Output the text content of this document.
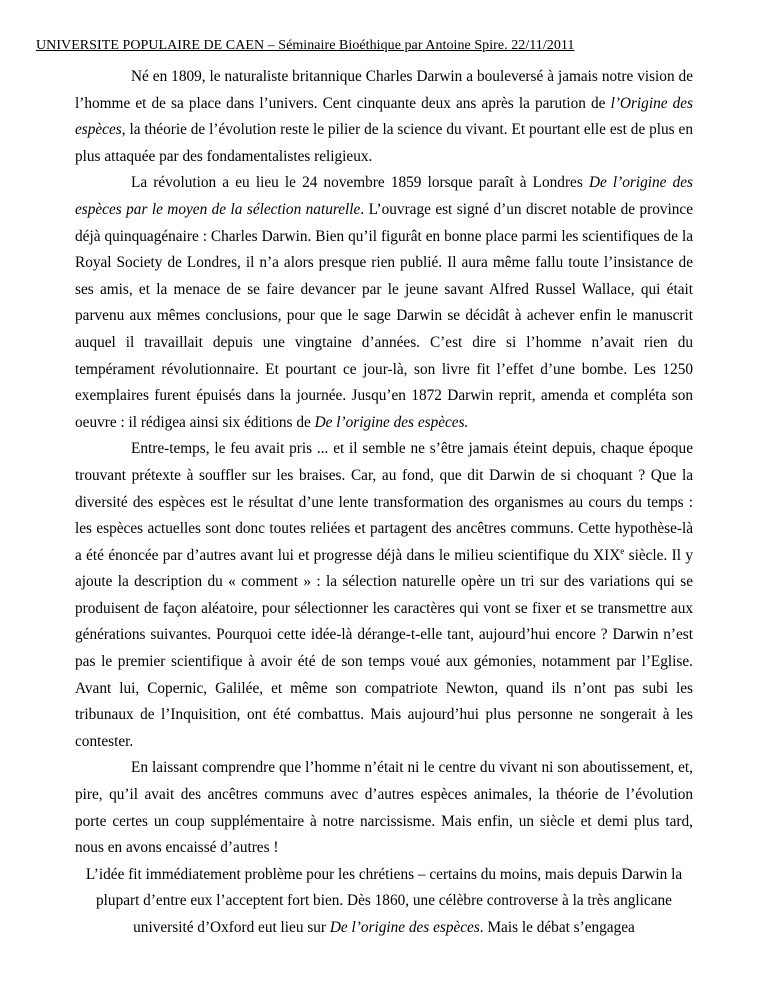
UNIVERSITE POPULAIRE DE CAEN – Séminaire Bioéthique par Antoine Spire. 22/11/2011

Né en 1809, le naturaliste britannique Charles Darwin a bouleversé à jamais notre vision de l’homme et de sa place dans l’univers. Cent cinquante deux ans après la parution de l’Origine des espèces, la théorie de l’évolution reste le pilier de la science du vivant. Et pourtant elle est de plus en plus attaquée par des fondamentalistes religieux.

La révolution a eu lieu le 24 novembre 1859 lorsque paraît à Londres De l’origine des espèces par le moyen de la sélection naturelle. L’ouvrage est signé d’un discret notable de province déjà quinquagénaire : Charles Darwin. Bien qu’il figurât en bonne place parmi les scientifiques de la Royal Society de Londres, il n’a alors presque rien publié. Il aura même fallu toute l’insistance de ses amis, et la menace de se faire devancer par le jeune savant Alfred Russel Wallace, qui était parvenu aux mêmes conclusions, pour que le sage Darwin se décidât à achever enfin le manuscrit auquel il travaillait depuis une vingtaine d’années. C’est dire si l’homme n’avait rien du tempérament révolutionnaire. Et pourtant ce jour-là, son livre fit l’effet d’une bombe. Les 1250 exemplaires furent épuisés dans la journée. Jusqu’en 1872 Darwin reprit, amenda et compléta son oeuvre : il rédigea ainsi six éditions de De l’origine des espèces.

Entre-temps, le feu avait pris ... et il semble ne s’être jamais éteint depuis, chaque époque trouvant prétexte à souffler sur les braises. Car, au fond, que dit Darwin de si choquant ? Que la diversité des espèces est le résultat d’une lente transformation des organismes au cours du temps : les espèces actuelles sont donc toutes reliées et partagent des ancêtres communs. Cette hypothèse-là a été énoncée par d’autres avant lui et progresse déjà dans le milieu scientifique du XIXe siècle. Il y ajoute la description du « comment » : la sélection naturelle opère un tri sur des variations qui se produisent de façon aléatoire, pour sélectionner les caractères qui vont se fixer et se transmettre aux générations suivantes. Pourquoi cette idée-là dérange-t-elle tant, aujourd’hui encore ? Darwin n’est pas le premier scientifique à avoir été de son temps voué aux gémonies, notamment par l’Eglise. Avant lui, Copernic, Galilée, et même son compatriote Newton, quand ils n’ont pas subi les tribunaux de l’Inquisition, ont été combattus. Mais aujourd’hui plus personne ne songerait à les contester.

En laissant comprendre que l’homme n’était ni le centre du vivant ni son aboutissement, et, pire, qu’il avait des ancêtres communs avec d’autres espèces animales, la théorie de l’évolution porte certes un coup supplémentaire à notre narcissisme. Mais enfin, un siècle et demi plus tard, nous en avons encaissé d’autres !

L’idée fit immédiatement problème pour les chrétiens – certains du moins, mais depuis Darwin la plupart d’entre eux l’acceptent fort bien. Dès 1860, une célèbre controverse à la très anglicane université d’Oxford eut lieu sur De l’origine des espèces. Mais le débat s’engagea
